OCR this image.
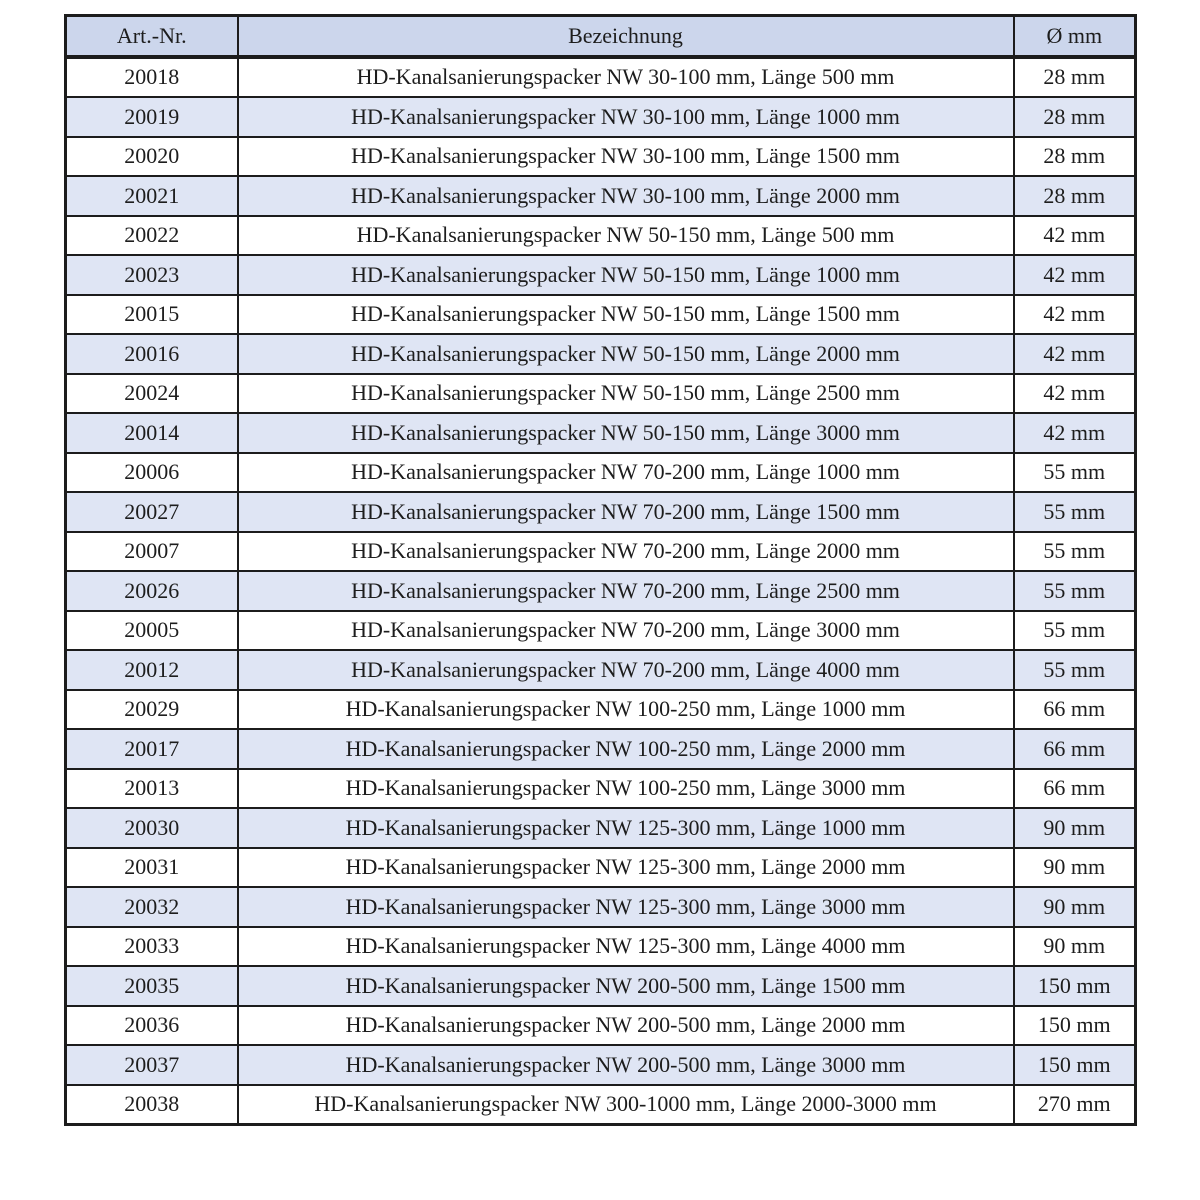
Art.-Nr.	Bezeichnung	Ø mm
20018	HD-Kanalsanierungspacker NW 30-100 mm, Länge 500 mm	28 mm
20019	HD-Kanalsanierungspacker NW 30-100 mm, Länge 1000 mm	28 mm
20020	HD-Kanalsanierungspacker NW 30-100 mm, Länge 1500 mm	28 mm
20021	HD-Kanalsanierungspacker NW 30-100 mm, Länge 2000 mm	28 mm
20022	HD-Kanalsanierungspacker NW 50-150 mm, Länge 500 mm	42 mm
20023	HD-Kanalsanierungspacker NW 50-150 mm, Länge 1000 mm	42 mm
20015	HD-Kanalsanierungspacker NW 50-150 mm, Länge 1500 mm	42 mm
20016	HD-Kanalsanierungspacker NW 50-150 mm, Länge 2000 mm	42 mm
20024	HD-Kanalsanierungspacker NW 50-150 mm, Länge 2500 mm	42 mm
20014	HD-Kanalsanierungspacker NW 50-150 mm, Länge 3000 mm	42 mm
20006	HD-Kanalsanierungspacker NW 70-200 mm, Länge 1000 mm	55 mm
20027	HD-Kanalsanierungspacker NW 70-200 mm, Länge 1500 mm	55 mm
20007	HD-Kanalsanierungspacker NW 70-200 mm, Länge 2000 mm	55 mm
20026	HD-Kanalsanierungspacker NW 70-200 mm, Länge 2500 mm	55 mm
20005	HD-Kanalsanierungspacker NW 70-200 mm, Länge 3000 mm	55 mm
20012	HD-Kanalsanierungspacker NW 70-200 mm, Länge 4000 mm	55 mm
20029	HD-Kanalsanierungspacker NW 100-250 mm, Länge 1000 mm	66 mm
20017	HD-Kanalsanierungspacker NW 100-250 mm, Länge 2000 mm	66 mm
20013	HD-Kanalsanierungspacker NW 100-250 mm, Länge 3000 mm	66 mm
20030	HD-Kanalsanierungspacker NW 125-300 mm, Länge 1000 mm	90 mm
20031	HD-Kanalsanierungspacker NW 125-300 mm, Länge 2000 mm	90 mm
20032	HD-Kanalsanierungspacker NW 125-300 mm, Länge 3000 mm	90 mm
20033	HD-Kanalsanierungspacker NW 125-300 mm, Länge 4000 mm	90 mm
20035	HD-Kanalsanierungspacker NW 200-500 mm, Länge 1500 mm	150 mm
20036	HD-Kanalsanierungspacker NW 200-500 mm, Länge 2000 mm	150 mm
20037	HD-Kanalsanierungspacker NW 200-500 mm, Länge 3000 mm	150 mm
20038	HD-Kanalsanierungspacker NW 300-1000 mm, Länge 2000-3000 mm	270 mm
